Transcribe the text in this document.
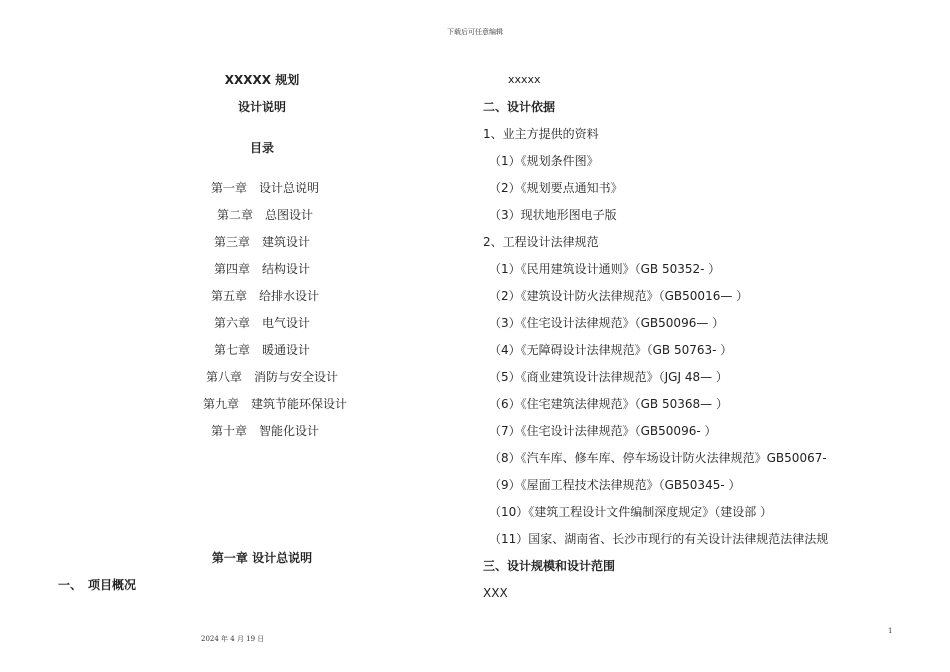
下载后可任意编辑
XXXXX 规划
设计说明
目录
第一章　设计总说明
第二章　总图设计
第三章　建筑设计
第四章　结构设计
第五章　给排水设计
第六章　电气设计
第七章　暖通设计
第八章　消防与安全设计
第九章　建筑节能环保设计
第十章　智能化设计
第一章 设计总说明
一、　项目概况
xxxxx
二、设计依据
1、业主方提供的资料
（1）《规划条件图》
（2）《规划要点通知书》
（3）现状地形图电子版
2、工程设计法律规范
（1）《民用建筑设计通则》（GB 50352- ）
（2）《建筑设计防火法律规范》（GB50016— ）
（3）《住宅设计法律规范》（GB50096— ）
（4）《无障碍设计法律规范》（GB 50763- ）
（5）《商业建筑设计法律规范》（JGJ 48— ）
（6）《住宅建筑法律规范》（GB 50368— ）
（7）《住宅设计法律规范》（GB50096- ）
（8）《汽车库、修车库、停车场设计防火法律规范》GB50067-
（9）《屋面工程技术法律规范》（GB50345- ）
（10）《建筑工程设计文件编制深度规定》（建设部 ）
（11）国家、湖南省、长沙市现行的有关设计法律规范法律法规
三、设计规模和设计范围
XXX
2024 年 4 月 19 日
1
